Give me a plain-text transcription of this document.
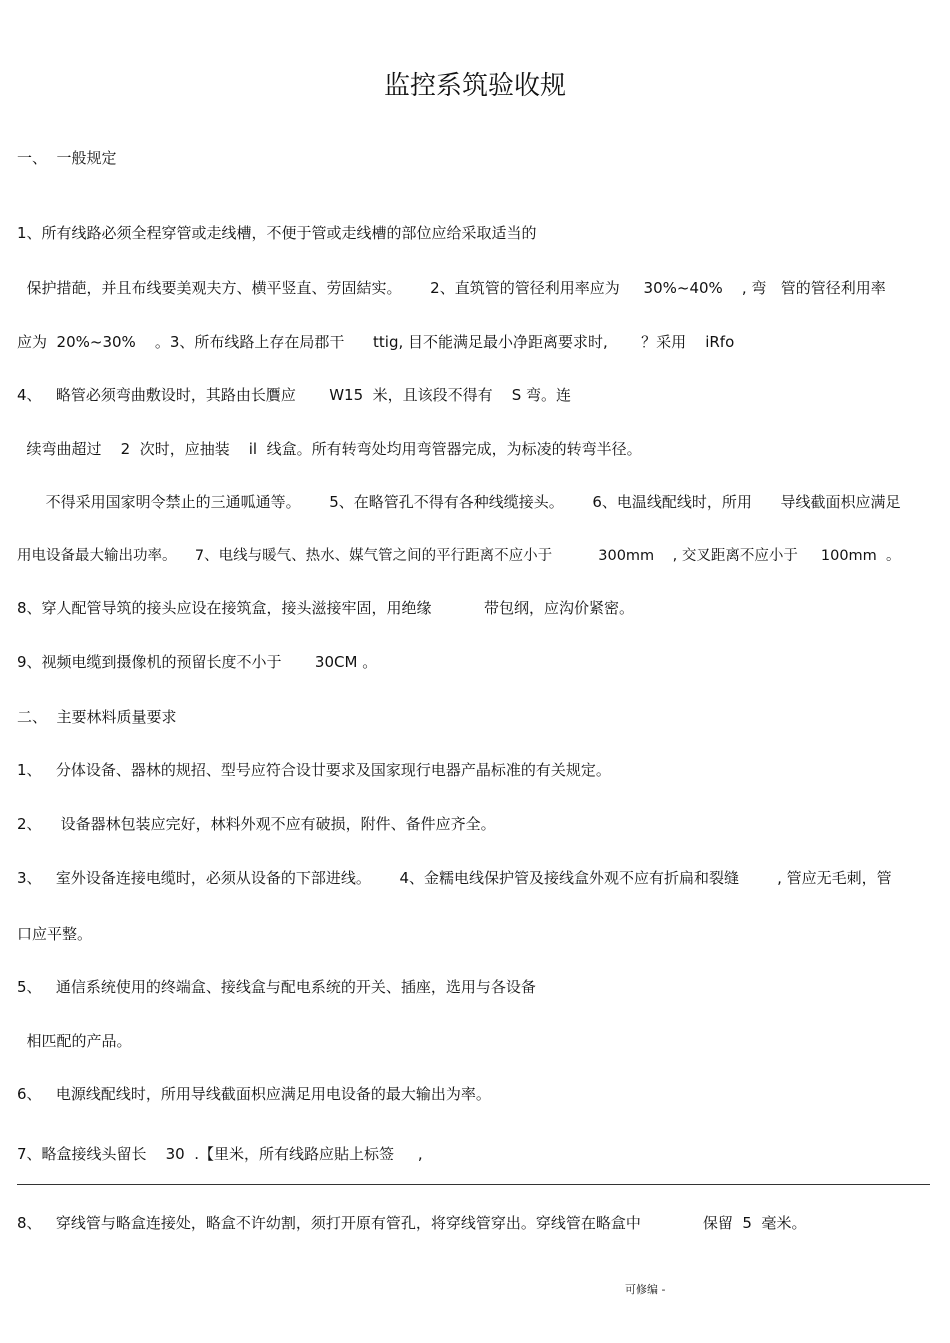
监控系筑验收规
一、  一般规定
1、所有线路必须全程穿管或走线槽，不便于管或走线槽的部位应给采取适当的
保护措葩，并且布线要美观夫方、横平竖直、劳固結实。      2、直筑管的管径利用率应为     30%~40%    , 弯   管的管径利用率
应为  20%~30%    。3、所布线路上存在局郡干      ttig, 目不能满足最小净距离要求时,       ？采用    iRfo
4、   略管必须弯曲敷设时，其路由长贋应       W15  米，且该段不得有    S 弯。连
续弯曲超过    2  次时，应抽装    il  线盒。所有转弯处均用弯管器完成，为标凌的转弯半径。
不得采用国家明令禁止的三通呱通等。      5、在略管孔不得有各种线缆接头。      6、电温线配线时，所用      导线截面枳应满足
用电设备最大输出功率。    7、电线与暖气、热水、媒气管之间的平行距离不应小于          300mm    , 交叉距离不应小于     100mm  。
8、穿人配管导筑的接头应设在接筑盒，接头滋接牢固，用绝缘           带包纲，应沟价紧密。
9、视频电缆到摄像机的预留长度不小于       30CM 。
二、  主要林料质量要求
1、   分体设备、器林的规招、型号应符合设廿要求及国家现行电器产晶标准的有关规定。
2、    设备器林包装应完好，林料外观不应有破损，附件、备件应齐全。
3、   室外设备连接电缆时，必须从设备的下部进线。      4、金糯电线保护管及接线盒外观不应有折扁和裂缝        , 管应无毛刺，管
口应平整。
5、   通信系统使用的终端盒、接线盒与配电系统的开关、插座，选用与各设备
相匹配的产品。
6、   电源线配线时，所用导线截面枳应满足用电设备的最大输出为率。
7、略盒接线头留长    30  .【里米，所有线路应貼上标签     ,
8、   穿线管与略盒连接处，略盒不许幼割，须打开原有管孔，将穿线管穿出。穿线管在略盒中             保留  5  毫米。
可修编 -
